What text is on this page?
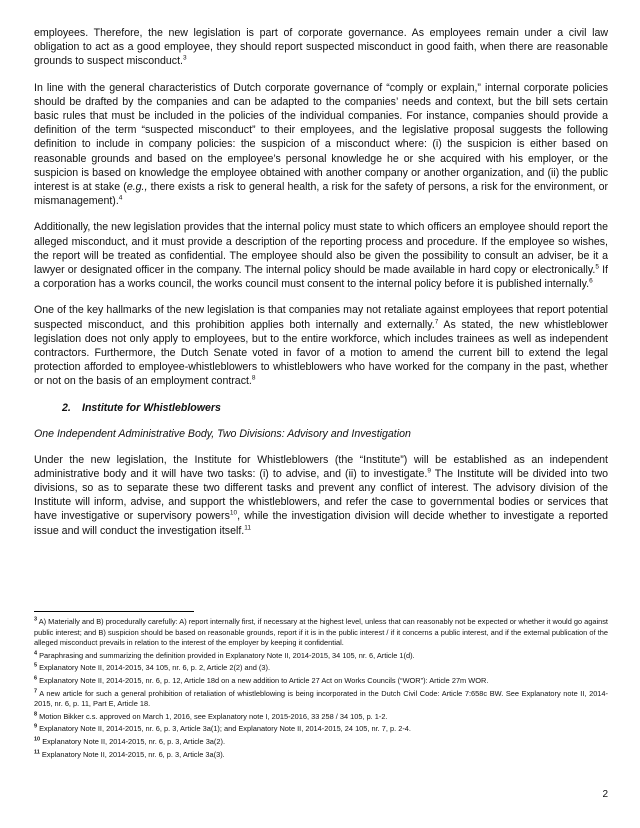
employees. Therefore, the new legislation is part of corporate governance. As employees remain under a civil law obligation to act as a good employee, they should report suspected misconduct in good faith, when there are reasonable grounds to suspect misconduct.$^3$

In line with the general characteristics of Dutch corporate governance of “comply or explain,” internal corporate policies should be drafted by the companies and can be adapted to the companies’ needs and context, but the bill sets certain basic rules that must be included in the policies of the individual companies. For instance, companies should provide a definition of the term “suspected misconduct” to their employees, and the legislative proposal suggests the following definition to include in company policies: the suspicion of a misconduct where: (i) the suspicion is either based on reasonable grounds and based on the employee’s personal knowledge he or she acquired with his employer, or the suspicion is based on knowledge the employee obtained with another company or another organization, and (ii) the public interest is at stake (e.g., there exists a risk to general health, a risk for the safety of persons, a risk for the environment, or mismanagement).$^4$

Additionally, the new legislation provides that the internal policy must state to which officers an employee should report the alleged misconduct, and it must provide a description of the reporting process and procedure. If the employee so wishes, the report will be treated as confidential. The employee should also be given the possibility to consult an adviser, be it a lawyer or designated officer in the company. The internal policy should be made available in hard copy or electronically.$^5$ If a corporation has a works council, the works council must consent to the internal policy before it is published internally.$^6$

One of the key hallmarks of the new legislation is that companies may not retaliate against employees that report potential suspected misconduct, and this prohibition applies both internally and externally.$^7$ As stated, the new whistleblower legislation does not only apply to employees, but to the entire workforce, which includes trainees as well as independent contractors. Furthermore, the Dutch Senate voted in favor of a motion to amend the current bill to extend the legal protection afforded to employee-whistleblowers to whistleblowers who have worked for the company in the past, whether or not on the basis of an employment contract.$^8$

2. Institute for Whistleblowers
One Independent Administrative Body, Two Divisions: Advisory and Investigation

Under the new legislation, the Institute for Whistleblowers (the “Institute”) will be established as an independent administrative body and it will have two tasks: (i) to advise, and (ii) to investigate.$^9$ The Institute will be divided into two divisions, so as to separate these two different tasks and prevent any conflict of interest. The advisory division of the Institute will inform, advise, and support the whistleblowers, and refer the case to governmental bodies or services that have investigative or supervisory powers$^{10}$, while the investigation division will decide whether to investigate a reported issue and will conduct the investigation itself.$^{11}$

$^3$ A) Materially and B) procedurally carefully: A) report internally first, if necessary at the highest level, unless that can reasonably not be expected or whether it would go against public interest; and B) suspicion should be based on reasonable grounds, report if it is in the public interest / if it concerns a public interest, and if the external publication of the alleged misconduct prevails in relation to the interest of the employer by keeping it confidential.

$^4$ Paraphrasing and summarizing the definition provided in Explanatory Note II, 2014-2015, 34 105, nr. 6, Article 1(d).

$^5$ Explanatory Note II, 2014-2015, 34 105, nr. 6, p. 2, Article 2(2) and (3).

$^6$ Explanatory Note II, 2014-2015, nr. 6, p. 12, Article 18d on a new addition to Article 27 Act on Works Councils (“WOR”): Article 27m WOR.

$^7$ A new article for such a general prohibition of retaliation of whistleblowing is being incorporated in the Dutch Civil Code: Article 7:658c BW. See Explanatory note II, 2014-2015, nr. 6, p. 11, Part E, Article 18.

$^8$ Motion Bikker c.s. approved on March 1, 2016, see Explanatory note I, 2015-2016, 33 258 / 34 105, p. 1-2.

$^9$ Explanatory Note II, 2014-2015, nr. 6, p. 3, Article 3a(1); and Explanatory Note II, 2014-2015, 24 105, nr. 7, p. 2-4.

$^{10}$ Explanatory Note II, 2014-2015, nr. 6, p. 3, Article 3a(2).

$^{11}$ Explanatory Note II, 2014-2015, nr. 6, p. 3, Article 3a(3).

2
